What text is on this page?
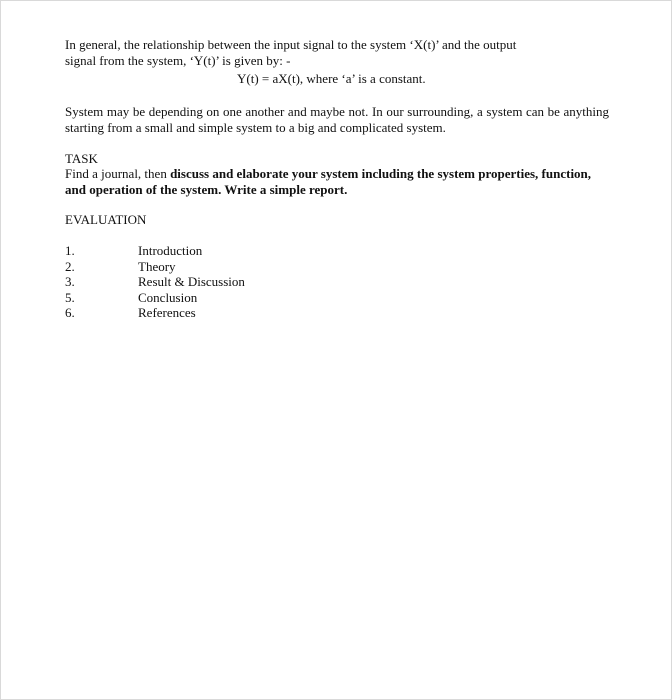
In general, the relationship between the input signal to the system ‘X(t)’ and the output
signal from the system, ‘Y(t)’ is given by: -
Y(t) = aX(t), where ‘a’ is a constant.
System may be depending on one another and maybe not. In our surrounding, a system can be anything starting from a small and simple system to a big and complicated system.
TASK
Find a journal, then discuss and elaborate your system including the system properties, function, and operation of the system. Write a simple report.
EVALUATION
1.	Introduction
2.	Theory
3.	Result & Discussion
5.	Conclusion
6.	References
